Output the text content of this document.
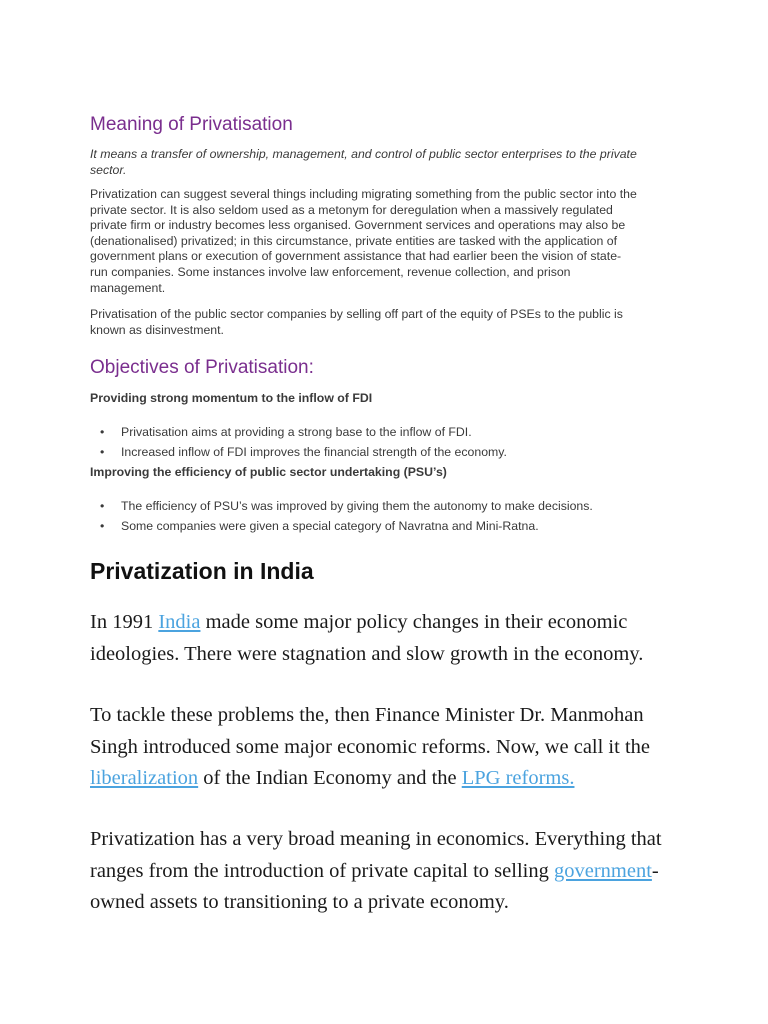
Meaning of Privatisation

It means a transfer of ownership, management, and control of public sector enterprises to the private
sector.

Privatization can suggest several things including migrating something from the public sector into the
private sector. It is also seldom used as a metonym for deregulation when a massively regulated
private firm or industry becomes less organised. Government services and operations may also be
(denationalised) privatized; in this circumstance, private entities are tasked with the application of
government plans or execution of government assistance that had earlier been the vision of state-
run companies. Some instances involve law enforcement, revenue collection, and prison
management.

Privatisation of the public sector companies by selling off part of the equity of PSEs to the public is
known as disinvestment.

Objectives of Privatisation:

Providing strong momentum to the inflow of FDI

• Privatisation aims at providing a strong base to the inflow of FDI.
• Increased inflow of FDI improves the financial strength of the economy.

Improving the efficiency of public sector undertaking (PSU’s)

• The efficiency of PSU’s was improved by giving them the autonomy to make decisions.
• Some companies were given a special category of Navratna and Mini-Ratna.
Privatization in India

In 1991 India made some major policy changes in their economic
ideologies. There were stagnation and slow growth in the economy.

To tackle these problems the, then Finance Minister Dr. Manmohan
Singh introduced some major economic reforms. Now, we call it the
liberalization of the Indian Economy and the LPG reforms.

Privatization has a very broad meaning in economics. Everything that
ranges from the introduction of private capital to selling government-
owned assets to transitioning to a private economy.
